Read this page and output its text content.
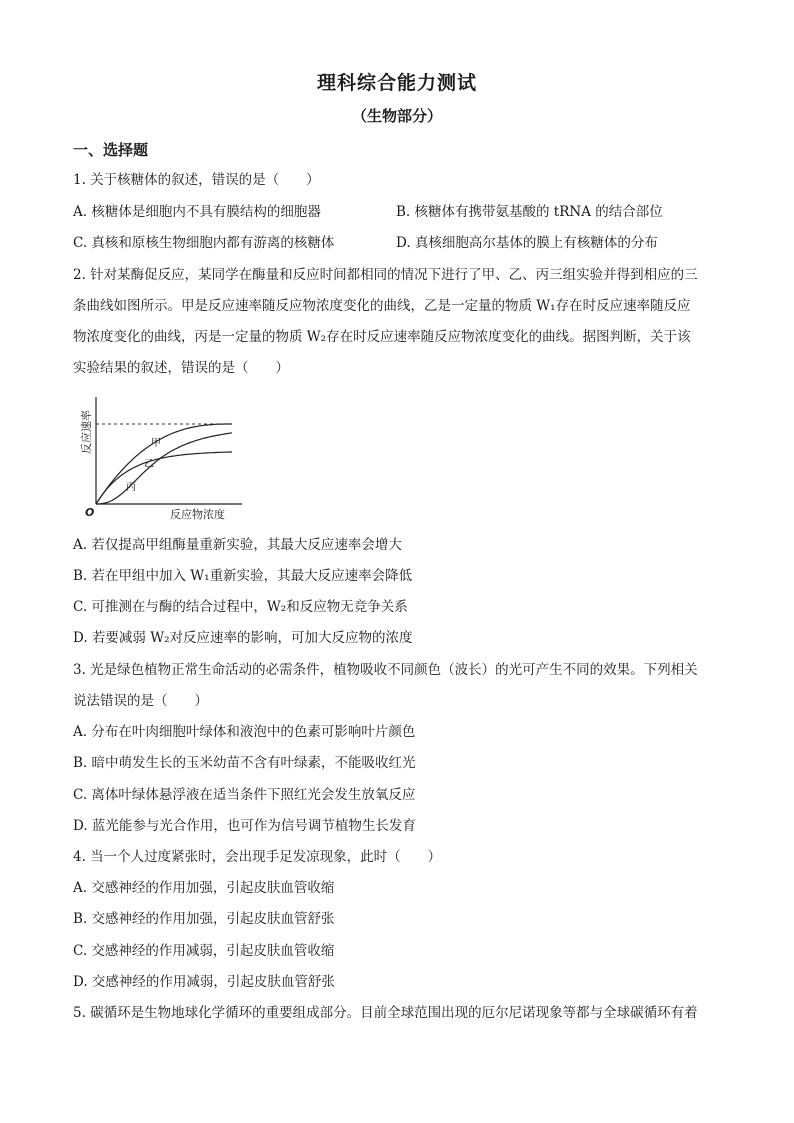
理科综合能力测试
（生物部分）
一、选择题
1. 关于核糖体的叙述，错误的是（　　）
A. 核糖体是细胞内不具有膜结构的细胞器	B. 核糖体有携带氨基酸的 tRNA 的结合部位
C. 真核和原核生物细胞内都有游离的核糖体	D. 真核细胞高尔基体的膜上有核糖体的分布
2. 针对某酶促反应，某同学在酶量和反应时间都相同的情况下进行了甲、乙、丙三组实验并得到相应的三
条曲线如图所示。甲是反应速率随反应物浓度变化的曲线，乙是一定量的物质 W₁存在时反应速率随反应
物浓度变化的曲线，丙是一定量的物质 W₂存在时反应速率随反应物浓度变化的曲线。据图判断，关于该
实验结果的叙述，错误的是（　　）
甲
乙
丙
O	反应物浓度
反应速率
A. 若仅提高甲组酶量重新实验，其最大反应速率会增大
B. 若在甲组中加入 W₁重新实验，其最大反应速率会降低
C. 可推测在与酶的结合过程中，W₂和反应物无竞争关系
D. 若要减弱 W₂对反应速率的影响，可加大反应物的浓度
3. 光是绿色植物正常生命活动的必需条件，植物吸收不同颜色（波长）的光可产生不同的效果。下列相关
说法错误的是（　　）
A. 分布在叶肉细胞叶绿体和液泡中的色素可影响叶片颜色
B. 暗中萌发生长的玉米幼苗不含有叶绿素，不能吸收红光
C. 离体叶绿体悬浮液在适当条件下照红光会发生放氧反应
D. 蓝光能参与光合作用，也可作为信号调节植物生长发育
4. 当一个人过度紧张时，会出现手足发凉现象，此时（　　）
A. 交感神经的作用加强，引起皮肤血管收缩
B. 交感神经的作用加强，引起皮肤血管舒张
C. 交感神经的作用减弱，引起皮肤血管收缩
D. 交感神经的作用减弱，引起皮肤血管舒张
5. 碳循环是生物地球化学循环的重要组成部分。目前全球范围出现的厄尔尼诺现象等都与全球碳循环有着
